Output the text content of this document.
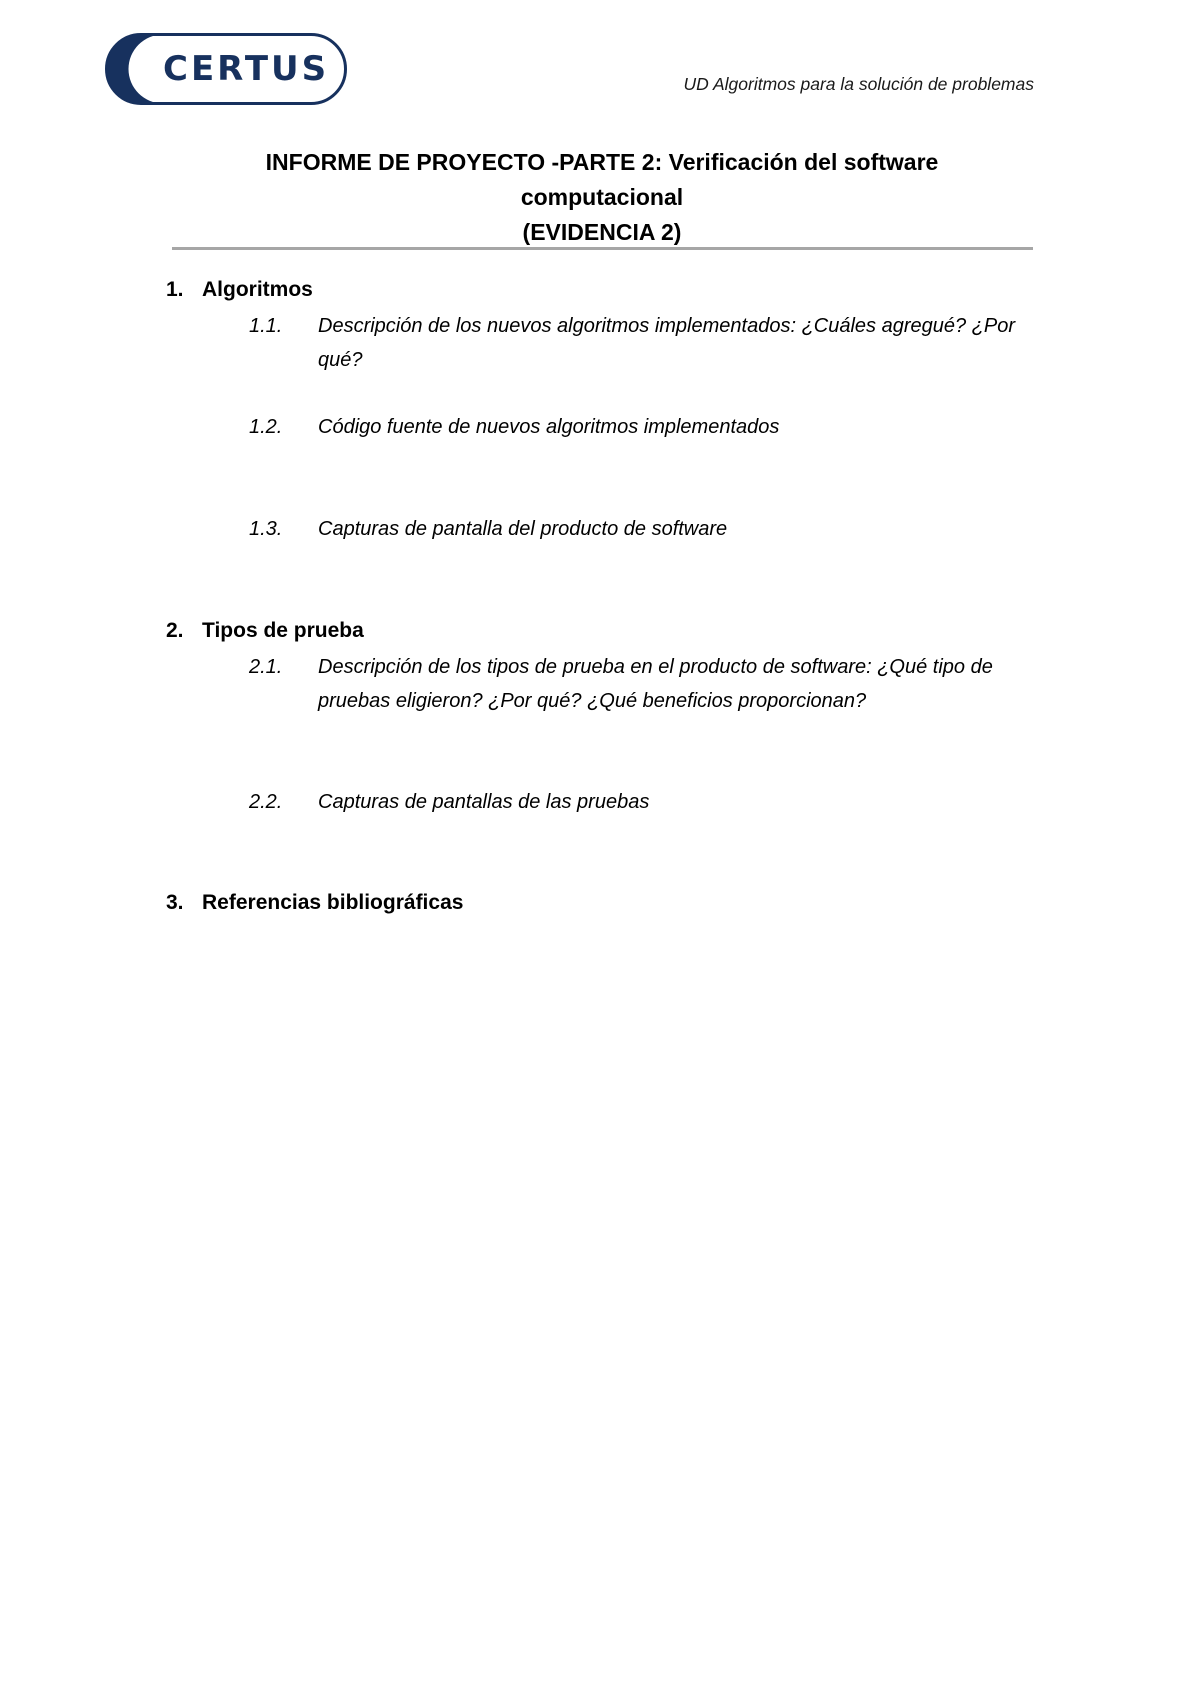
CERTUS	UD Algoritmos para la solución de problemas
INFORME DE PROYECTO -PARTE 2: Verificación del software
computacional
(EVIDENCIA 2)
1. Algoritmos
1.1.	Descripción de los nuevos algoritmos implementados: ¿Cuáles agregué? ¿Por qué?
1.2.	Código fuente de nuevos algoritmos implementados
1.3.	Capturas de pantalla del producto de software
2. Tipos de prueba
2.1.	Descripción de los tipos de prueba en el producto de software: ¿Qué tipo de pruebas eligieron? ¿Por qué? ¿Qué beneficios proporcionan?
2.2.	Capturas de pantallas de las pruebas
3. Referencias bibliográficas
